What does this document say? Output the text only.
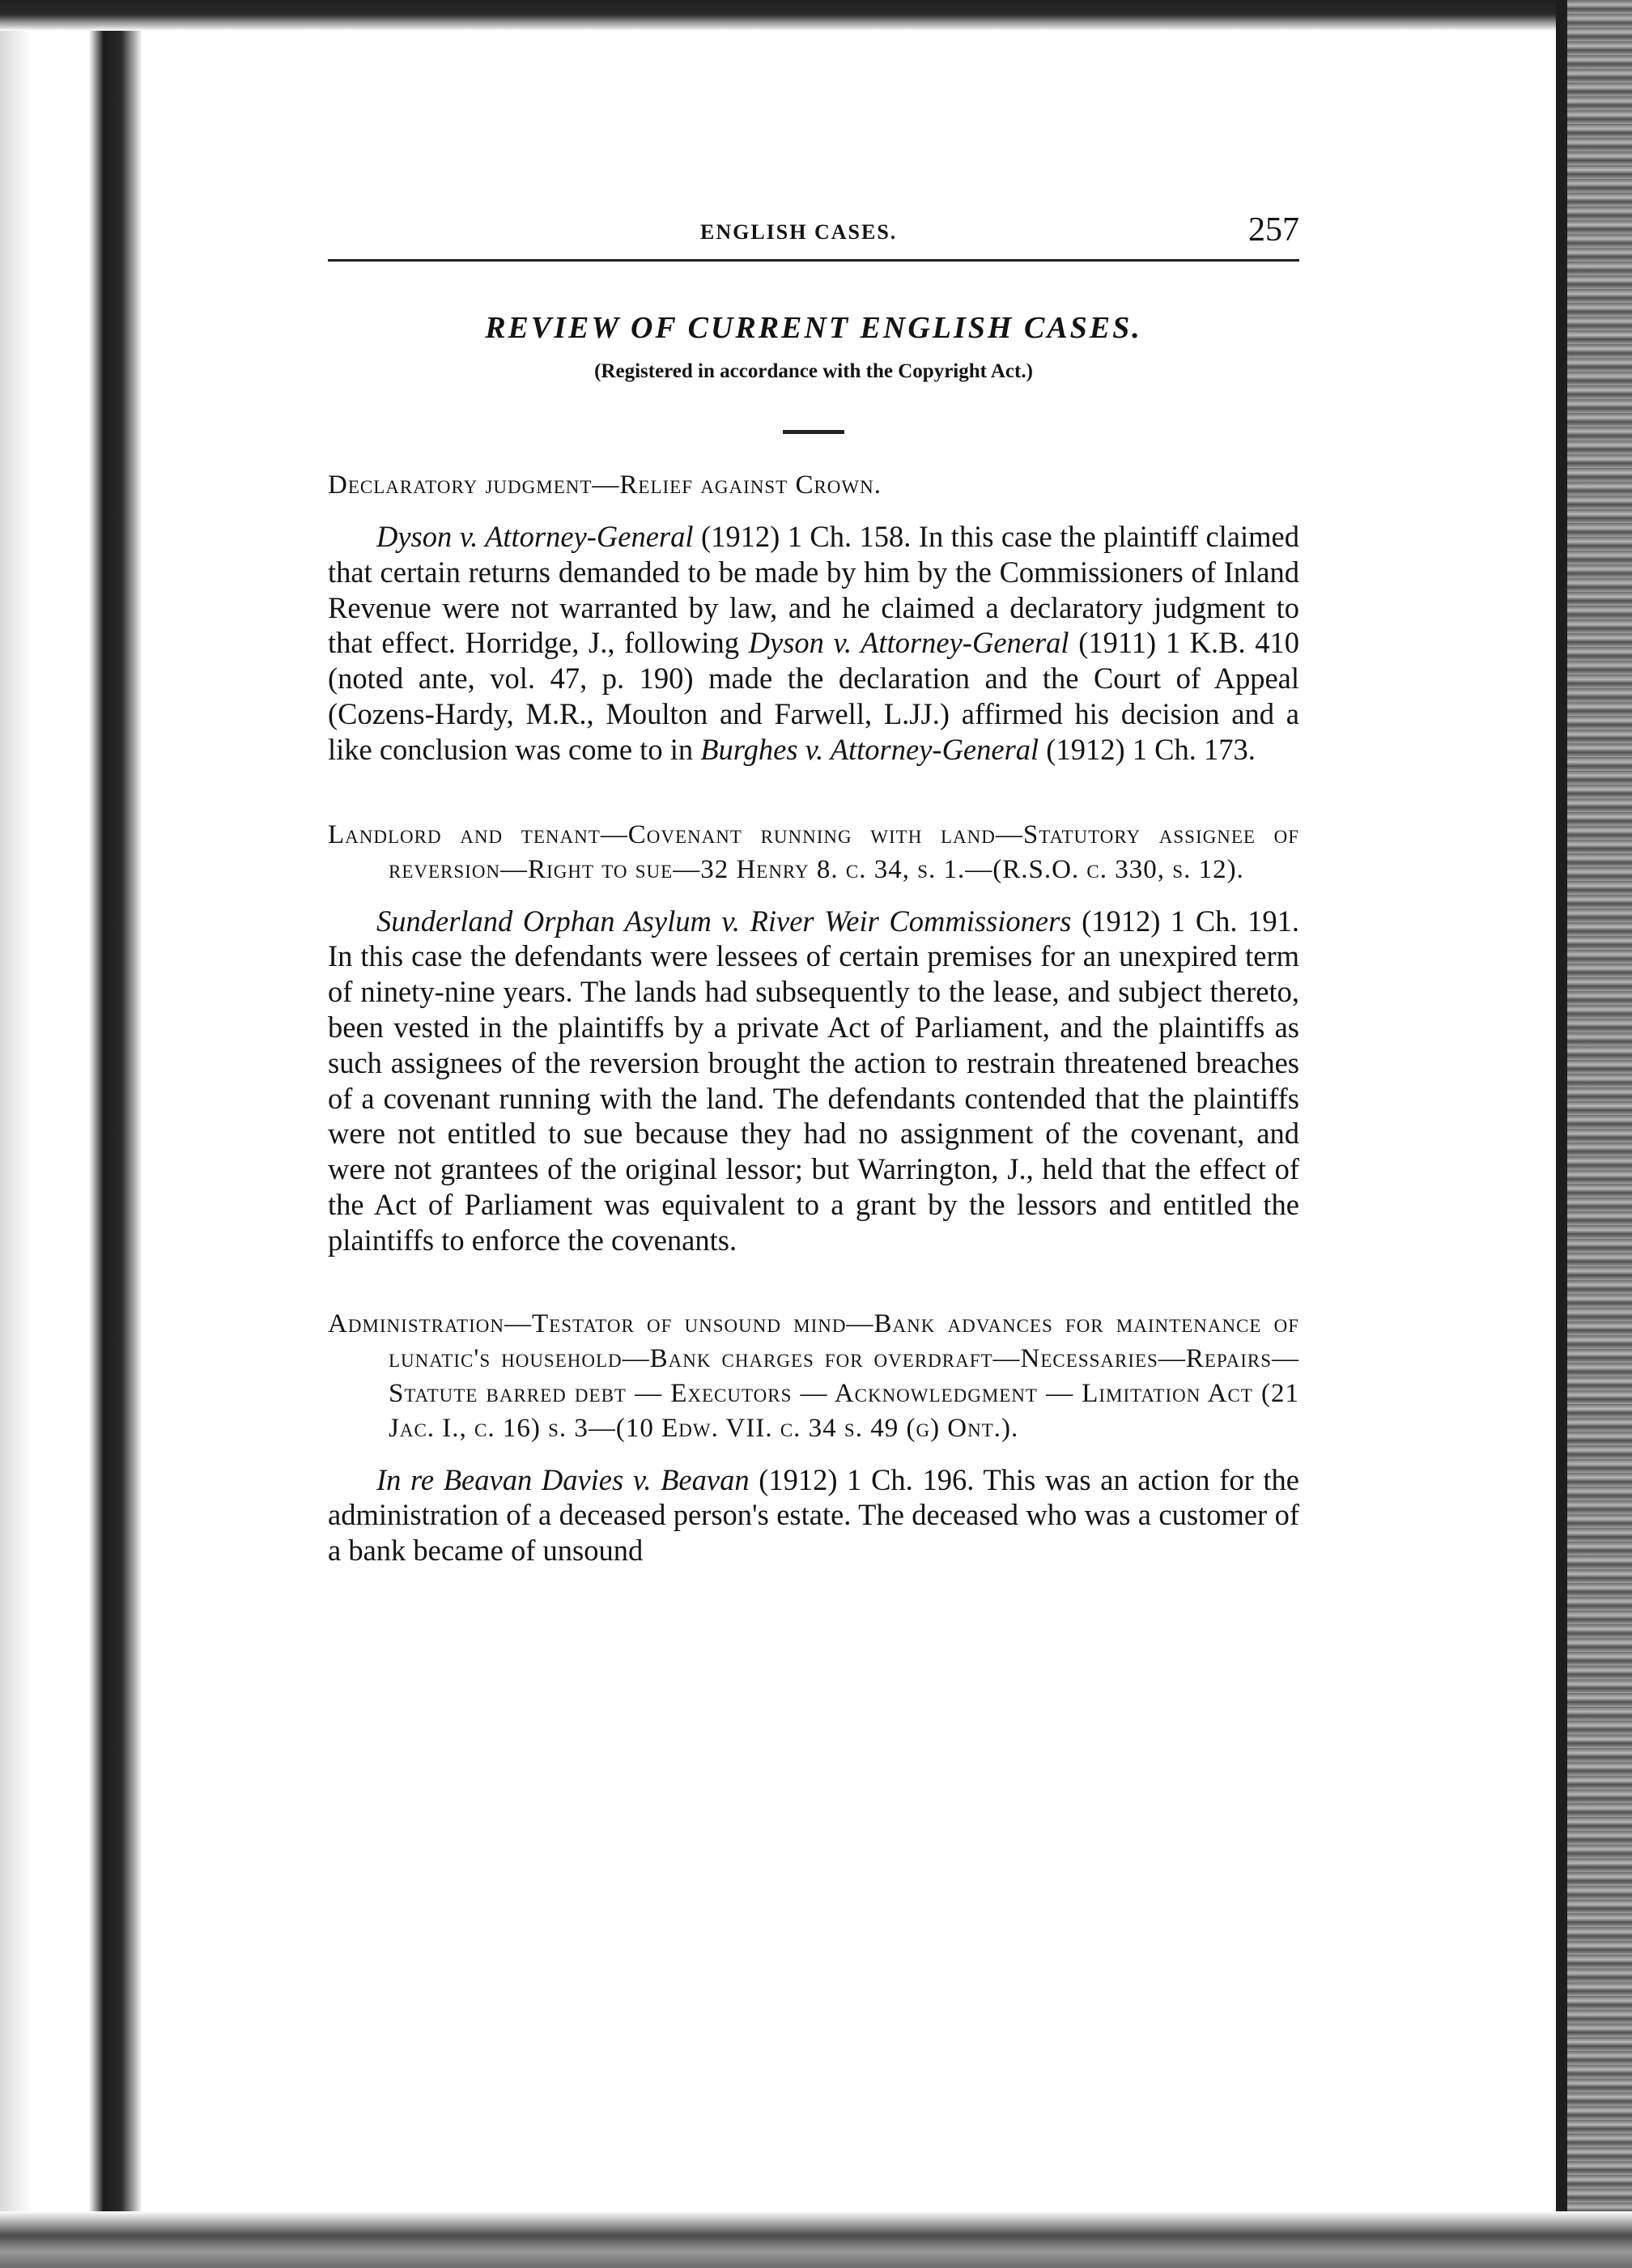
ENGLISH CASES.	257
REVIEW OF CURRENT ENGLISH CASES.
(Registered in accordance with the Copyright Act.)
Declaratory judgment—Relief against Crown.

Dyson v. Attorney-General (1912) 1 Ch. 158. In this case the plaintiff claimed that certain returns demanded to be made by him by the Commissioners of Inland Revenue were not warranted by law, and he claimed a declaratory judgment to that effect. Horridge, J., following Dyson v. Attorney-General (1911) 1 K.B. 410 (noted ante, vol. 47, p. 190) made the declaration and the Court of Appeal (Cozens-Hardy, M.R., Moulton and Farwell, L.JJ.) affirmed his decision and a like conclusion was come to in Burghes v. Attorney-General (1912) 1 Ch. 173.

Landlord and tenant—Covenant running with land—Statutory assignee of reversion—Right to sue—32 Henry 8. c. 34, s. 1.—(R.S.O. c. 330, s. 12).

Sunderland Orphan Asylum v. River Weir Commissioners (1912) 1 Ch. 191. In this case the defendants were lessees of certain premises for an unexpired term of ninety-nine years. The lands had subsequently to the lease, and subject thereto, been vested in the plaintiffs by a private Act of Parliament, and the plaintiffs as such assignees of the reversion brought the action to restrain threatened breaches of a covenant running with the land. The defendants contended that the plaintiffs were not entitled to sue because they had no assignment of the covenant, and were not grantees of the original lessor; but Warrington, J., held that the effect of the Act of Parliament was equivalent to a grant by the lessors and entitled the plaintiffs to enforce the covenants.

Administration—Testator of unsound mind—Bank advances for maintenance of lunatic's household—Bank charges for overdraft—Necessaries—Repairs—Statute barred debt — Executors — Acknowledgment — Limitation Act (21 Jac. I., c. 16) s. 3—(10 Edw. VII. c. 34 s. 49 (g) Ont.).

In re Beavan Davies v. Beavan (1912) 1 Ch. 196. This was an action for the administration of a deceased person's estate. The deceased who was a customer of a bank became of unsound
